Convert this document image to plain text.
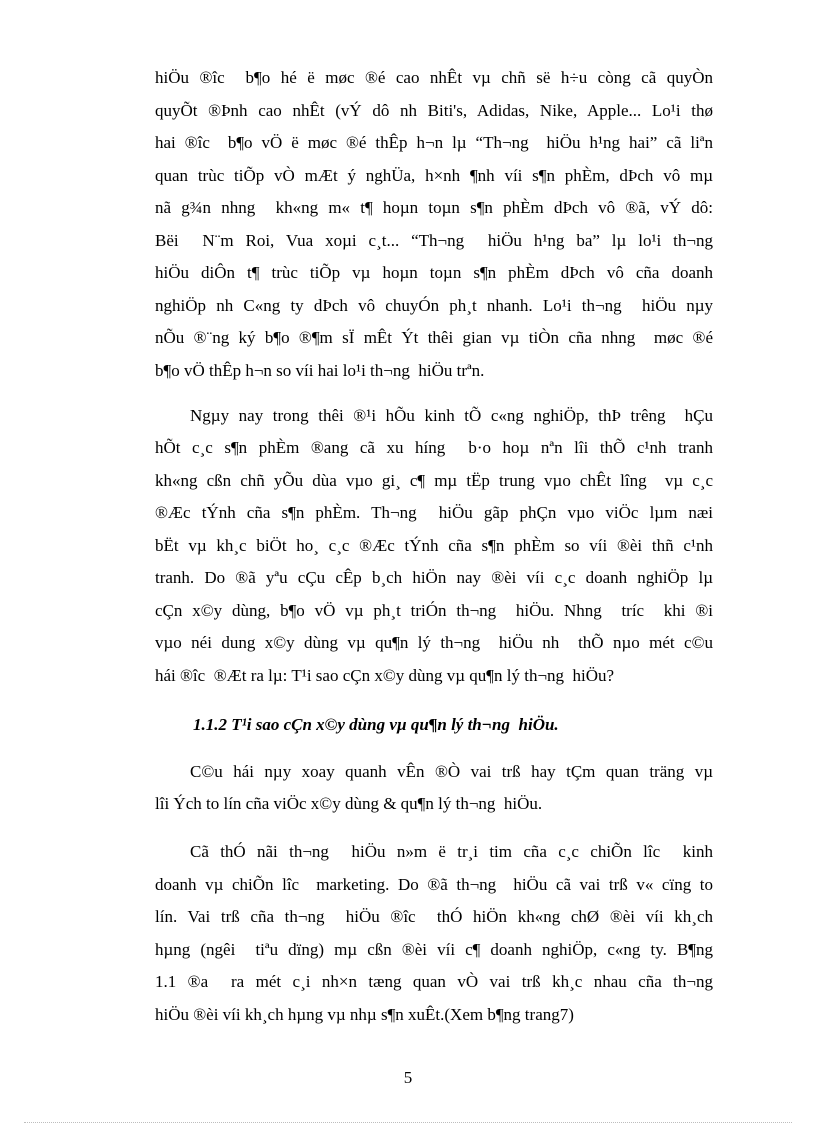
hiÖu ®îc  b¶o hé ë møc ®é cao nhÊt vµ chñ së h÷u còng cã quyÒn
quyÕt ®Þnh cao nhÊt (vÝ dô nh Biti's, Adidas, Nike, Apple... Lo¹i thø
hai ®îc  b¶o vÖ ë møc ®é thÊp h¬n lµ “Th¬ng  hiÖu h¹ng hai” cã liªn
quan trùc tiÕp vÒ mÆt ý nghÜa, h×nh ¶nh víi s¶n phÈm, dÞch vô mµ
nã g¾n nhng  kh«ng m« t¶ hoµn toµn s¶n phÈm dÞch vô ®ã, vÝ dô:
Bëi  N¨m Roi, Vua xoµi c¸t... “Th¬ng  hiÖu h¹ng ba” lµ lo¹i th¬ng
hiÖu diÔn t¶ trùc tiÕp vµ hoµn toµn s¶n phÈm dÞch vô cña doanh
nghiÖp nh C«ng ty dÞch vô chuyÓn ph¸t nhanh. Lo¹i th¬ng  hiÖu nµy
nÕu ®¨ng ký b¶o ®¶m sÏ mÊt Ýt thêi gian vµ tiÒn cña nhng  møc ®é
b¶o vÖ thÊp h¬n so víi hai lo¹i th¬ng  hiÖu trªn.
Ngµy nay trong thêi ®¹i hÕu kinh tÕ c«ng nghiÖp, thÞ trêng  hÇu
hÕt c¸c s¶n phÈm ®ang cã xu híng  b·o hoµ nªn lîi thÕ c¹nh tranh
kh«ng cßn chñ yÕu dùa vµo gi¸ c¶ mµ tËp trung vµo chÊt lîng  vµ c¸c
®Æc tÝnh cña s¶n phÈm. Th¬ng  hiÖu gãp phÇn vµo viÖc lµm næi
bËt vµ kh¸c biÖt ho¸ c¸c ®Æc tÝnh cña s¶n phÈm so víi ®èi thñ c¹nh
tranh. Do ®ã yªu cÇu cÊp b¸ch hiÖn nay ®èi víi c¸c doanh nghiÖp lµ
cÇn x©y dùng, b¶o vÖ vµ ph¸t triÓn th¬ng  hiÖu. Nhng  tríc  khi ®i
vµo néi dung x©y dùng vµ qu¶n lý th¬ng  hiÖu nh  thÕ nµo mét c©u
hái ®îc  ®Æt ra lµ: T¹i sao cÇn x©y dùng vµ qu¶n lý th¬ng  hiÖu?
1.1.2 T¹i sao cÇn x©y dùng vµ qu¶n lý th¬ng  hiÖu.
C©u hái nµy xoay quanh vÊn ®Ò vai trß hay tÇm quan träng vµ
lîi Ých to lín cña viÖc x©y dùng & qu¶n lý th¬ng  hiÖu.
Cã thÓ nãi th¬ng  hiÖu n»m ë tr¸i tim cña c¸c chiÕn lîc  kinh
doanh vµ chiÕn lîc  marketing. Do ®ã th¬ng  hiÖu cã vai trß v« cïng to
lín. Vai trß cña th¬ng  hiÖu ®îc  thÓ hiÖn kh«ng chØ ®èi víi kh¸ch
hµng (ngêi  tiªu dïng) mµ cßn ®èi víi c¶ doanh nghiÖp, c«ng ty. B¶ng
1.1 ®a  ra mét c¸i nh×n tæng quan vÒ vai trß kh¸c nhau cña th¬ng
hiÖu ®èi víi kh¸ch hµng vµ nhµ s¶n xuÊt.(Xem b¶ng trang7)
5
